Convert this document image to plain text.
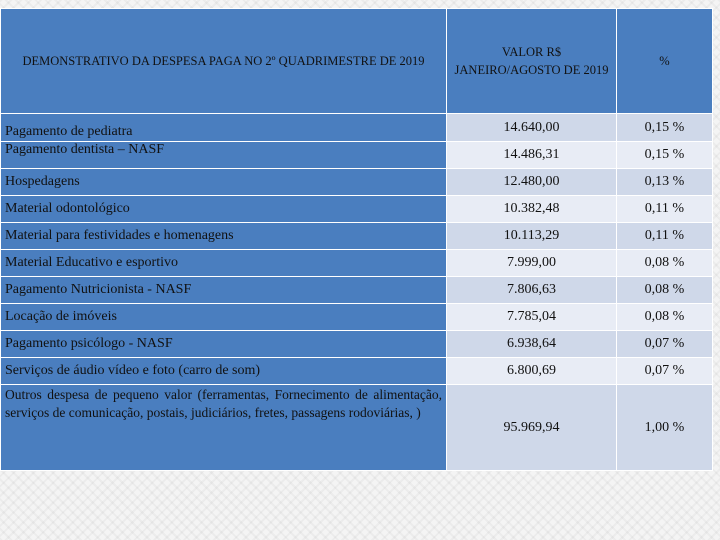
DEMONSTRATIVO DA DESPESA PAGA NO 2º QUADRIMESTRE DE 2019	VALOR R$ JANEIRO/AGOSTO DE 2019	%
Pagamento de pediatra	14.640,00	0,15 %
Pagamento dentista – NASF	14.486,31	0,15 %
Hospedagens	12.480,00	0,13 %
Material odontológico	10.382,48	0,11 %
Material para festividades e homenagens	10.113,29	0,11 %
Material Educativo e esportivo	7.999,00	0,08 %
Pagamento Nutricionista - NASF	7.806,63	0,08 %
Locação de imóveis	7.785,04	0,08 %
Pagamento psicólogo - NASF	6.938,64	0,07 %
Serviços de áudio vídeo e foto (carro de som)	6.800,69	0,07 %
Outros despesa de pequeno valor (ferramentas, Fornecimento de alimentação, serviços de comunicação, postais, judiciários, fretes, passagens rodoviárias, )	95.969,94	1,00 %
